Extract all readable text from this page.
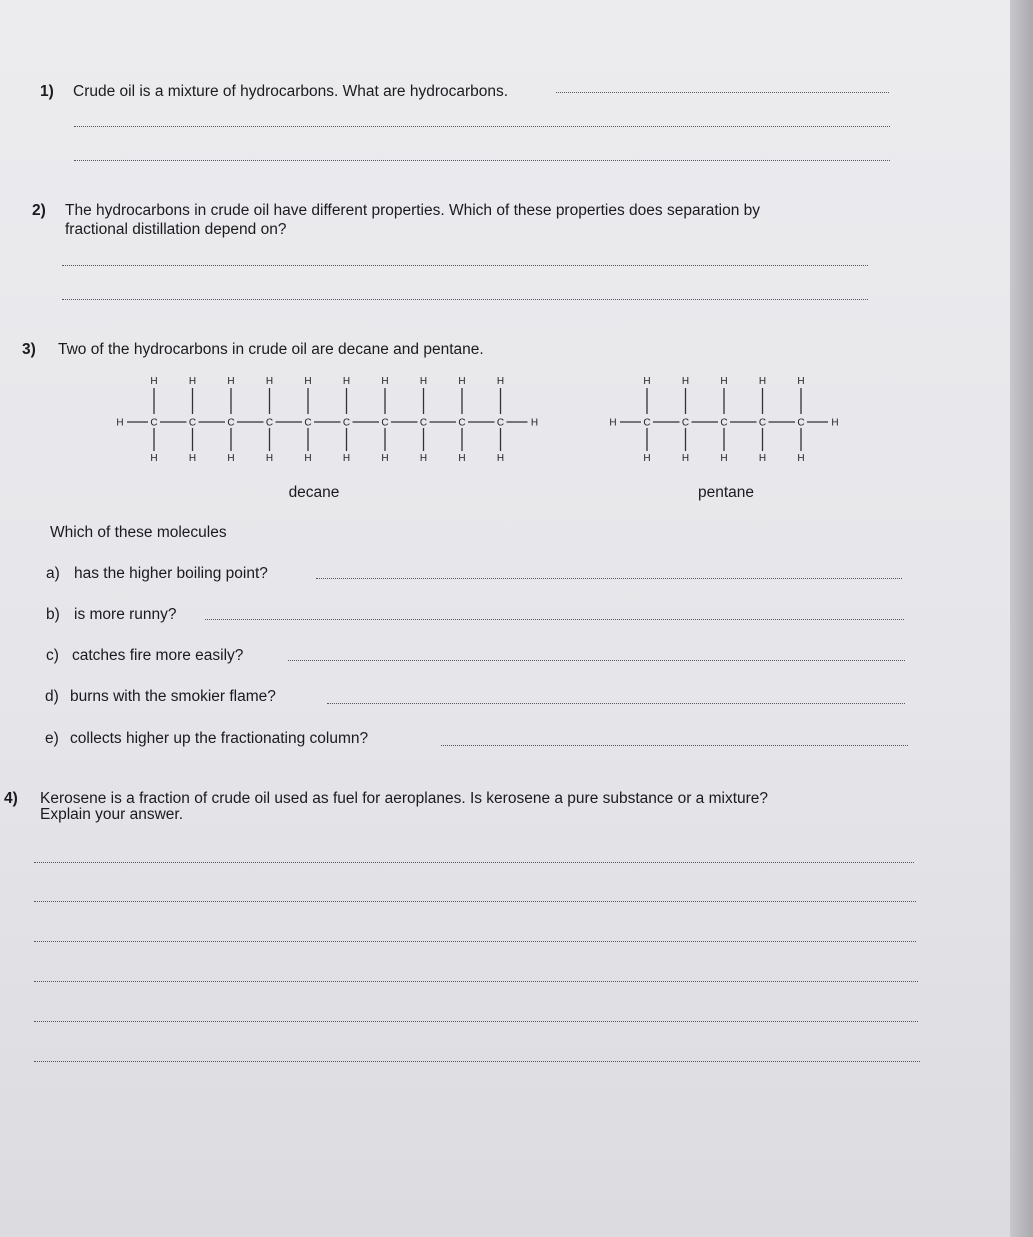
1) Crude oil is a mixture of hydrocarbons. What are hydrocarbons.
2) The hydrocarbons in crude oil have different properties. Which of these properties does separation by
fractional distillation depend on?
3) Two of the hydrocarbons in crude oil are decane and pentane.
H	C
H
H
C
H
H
C
H
H
C
H
H
C
H
H
C
H
H
C
H
H
C
H
H
C
H
H
C
H
H
H
decane
H	C
H
H
C
H
H
C
H
H
C
H
H
C
H
H
H
pentane
Which of these molecules
a) has the higher boiling point?
b) is more runny?
c) catches fire more easily?
d) burns with the smokier flame?
e) collects higher up the fractionating column?
4) Kerosene is a fraction of crude oil used as fuel for aeroplanes. Is kerosene a pure substance or a mixture?
Explain your answer.
